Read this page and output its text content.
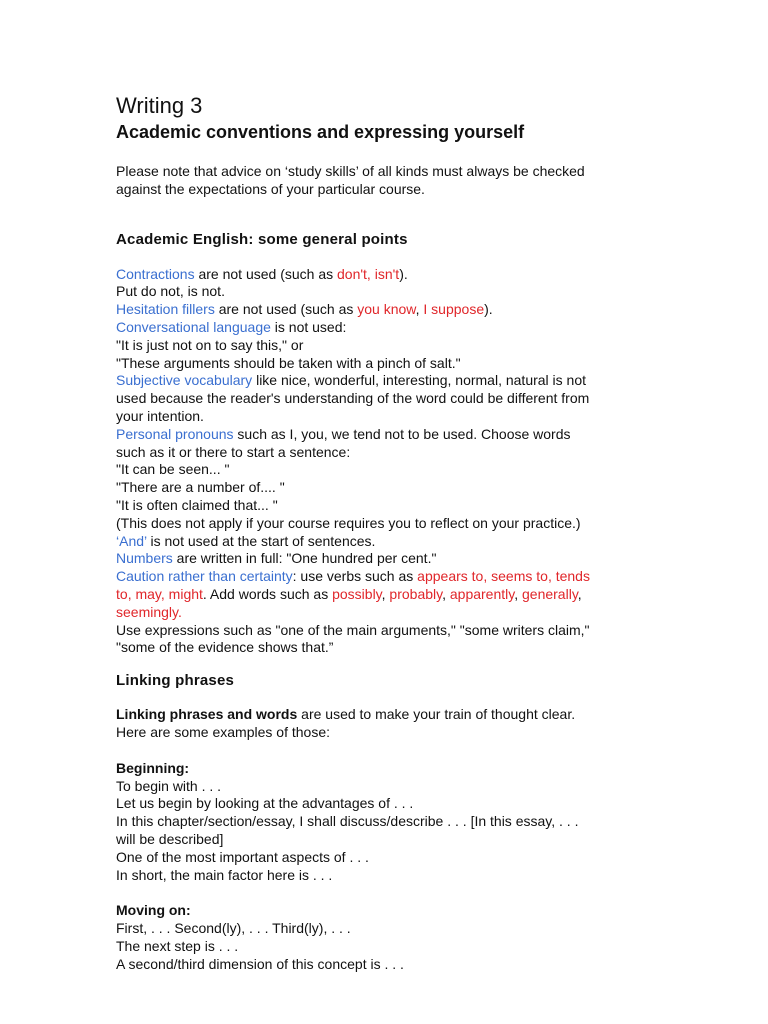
Writing 3
Academic conventions and expressing yourself

Please note that advice on ‘study skills’ of all kinds must always be checked

against the expectations of your particular course.

Academic English: some general points

Contractions are not used (such as don't, isn't).

Put do not, is not.

Hesitation fillers are not used (such as you know, I suppose).

Conversational language is not used:

"It is just not on to say this," or

"These arguments should be taken with a pinch of salt."

Subjective vocabulary like nice, wonderful, interesting, normal, natural is not

used because the reader's understanding of the word could be different from

your intention.

Personal pronouns such as I, you, we tend not to be used. Choose words

such as it or there to start a sentence:

"It can be seen... "

"There are a number of.... "

"It is often claimed that... "

(This does not apply if your course requires you to reflect on your practice.)

‘And’ is not used at the start of sentences.

Numbers are written in full: "One hundred per cent."

Caution rather than certainty: use verbs such as appears to, seems to, tends

to, may, might. Add words such as possibly, probably, apparently, generally,

seemingly.

Use expressions such as "one of the main arguments," "some writers claim,"

"some of the evidence shows that.”

Linking phrases

Linking phrases and words are used to make your train of thought clear.

Here are some examples of those:

Beginning:

To begin with . . .

Let us begin by looking at the advantages of . . .

In this chapter/section/essay, I shall discuss/describe . . . [In this essay, . . .

will be described]

One of the most important aspects of . . .

In short, the main factor here is . . .

Moving on:

First, . . . Second(ly), . . . Third(ly), . . .

The next step is . . .

A second/third dimension of this concept is . . .
